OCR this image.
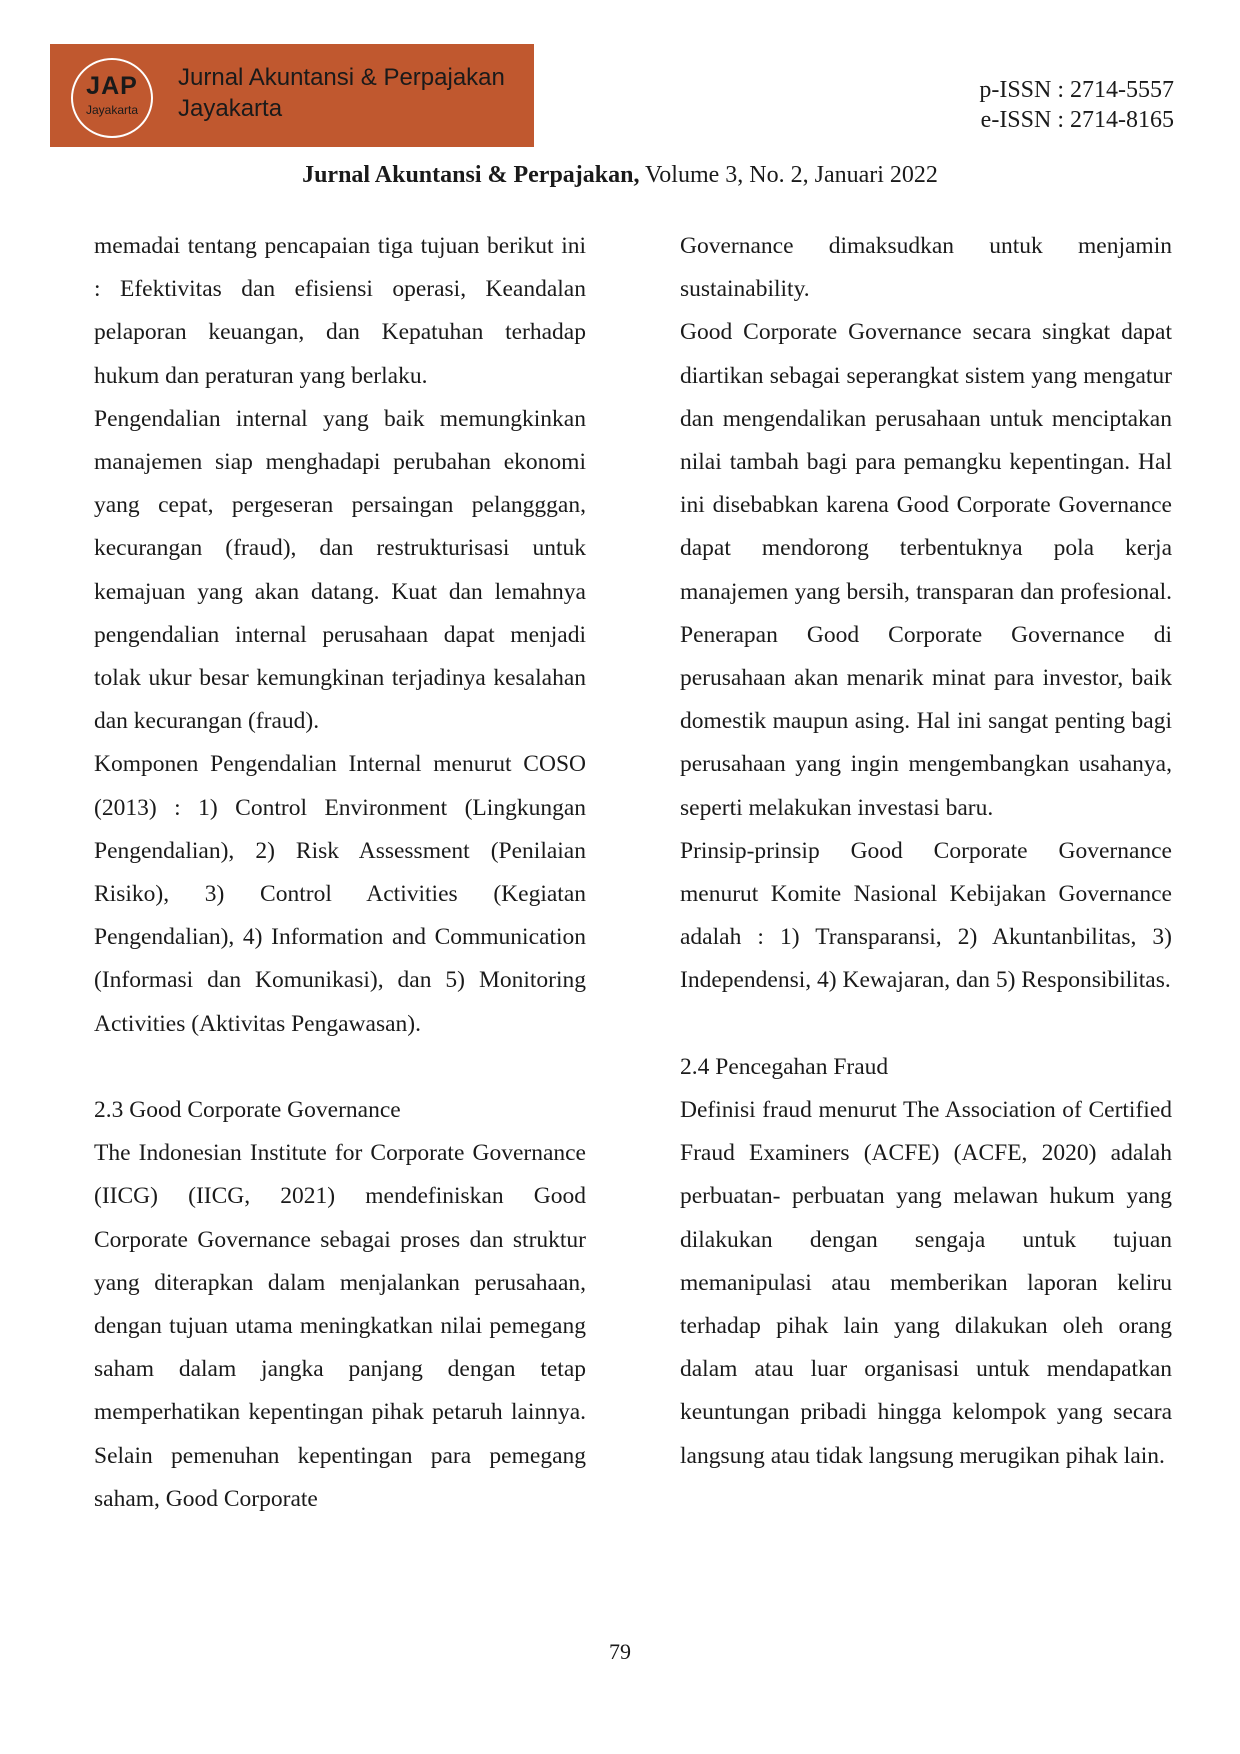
JAP
Jayakarta
Jurnal Akuntansi & Perpajakan Jayakarta
p-ISSN : 2714-5557
e-ISSN : 2714-8165
Jurnal Akuntansi & Perpajakan, Volume 3, No. 2, Januari 2022

memadai tentang pencapaian tiga tujuan berikut ini : Efektivitas dan efisiensi operasi, Keandalan pelaporan keuangan, dan Kepatuhan terhadap hukum dan peraturan yang berlaku.

Pengendalian internal yang baik memungkinkan manajemen siap menghadapi perubahan ekonomi yang cepat, pergeseran persaingan pelangggan, kecurangan (fraud), dan restrukturisasi untuk kemajuan yang akan datang. Kuat dan lemahnya pengendalian internal perusahaan dapat menjadi tolak ukur besar kemungkinan terjadinya kesalahan dan kecurangan (fraud).

Komponen Pengendalian Internal menurut COSO (2013) : 1) Control Environment (Lingkungan Pengendalian), 2) Risk Assessment (Penilaian Risiko), 3) Control Activities (Kegiatan Pengendalian), 4) Information and Communication (Informasi dan Komunikasi), dan 5) Monitoring Activities (Aktivitas Pengawasan).

2.3 Good Corporate Governance

The Indonesian Institute for Corporate Governance (IICG) (IICG, 2021) mendefiniskan Good Corporate Governance sebagai proses dan struktur yang diterapkan dalam menjalankan perusahaan, dengan tujuan utama meningkatkan nilai pemegang saham dalam jangka panjang dengan tetap memperhatikan kepentingan pihak petaruh lainnya. Selain pemenuhan kepentingan para pemegang saham, Good Corporate

Governance dimaksudkan untuk menjamin sustainability.

Good Corporate Governance secara singkat dapat diartikan sebagai seperangkat sistem yang mengatur dan mengendalikan perusahaan untuk menciptakan nilai tambah bagi para pemangku kepentingan. Hal ini disebabkan karena Good Corporate Governance dapat mendorong terbentuknya pola kerja manajemen yang bersih, transparan dan profesional. Penerapan Good Corporate Governance di perusahaan akan menarik minat para investor, baik domestik maupun asing. Hal ini sangat penting bagi perusahaan yang ingin mengembangkan usahanya, seperti melakukan investasi baru.

Prinsip-prinsip Good Corporate Governance menurut Komite Nasional Kebijakan Governance adalah : 1) Transparansi, 2) Akuntanbilitas, 3) Independensi, 4) Kewajaran, dan 5) Responsibilitas.

2.4 Pencegahan Fraud

Definisi fraud menurut The Association of Certified Fraud Examiners (ACFE) (ACFE, 2020) adalah perbuatan- perbuatan yang melawan hukum yang dilakukan dengan sengaja untuk tujuan memanipulasi atau memberikan laporan keliru terhadap pihak lain yang dilakukan oleh orang dalam atau luar organisasi untuk mendapatkan keuntungan pribadi hingga kelompok yang secara langsung atau tidak langsung merugikan pihak lain.

79
